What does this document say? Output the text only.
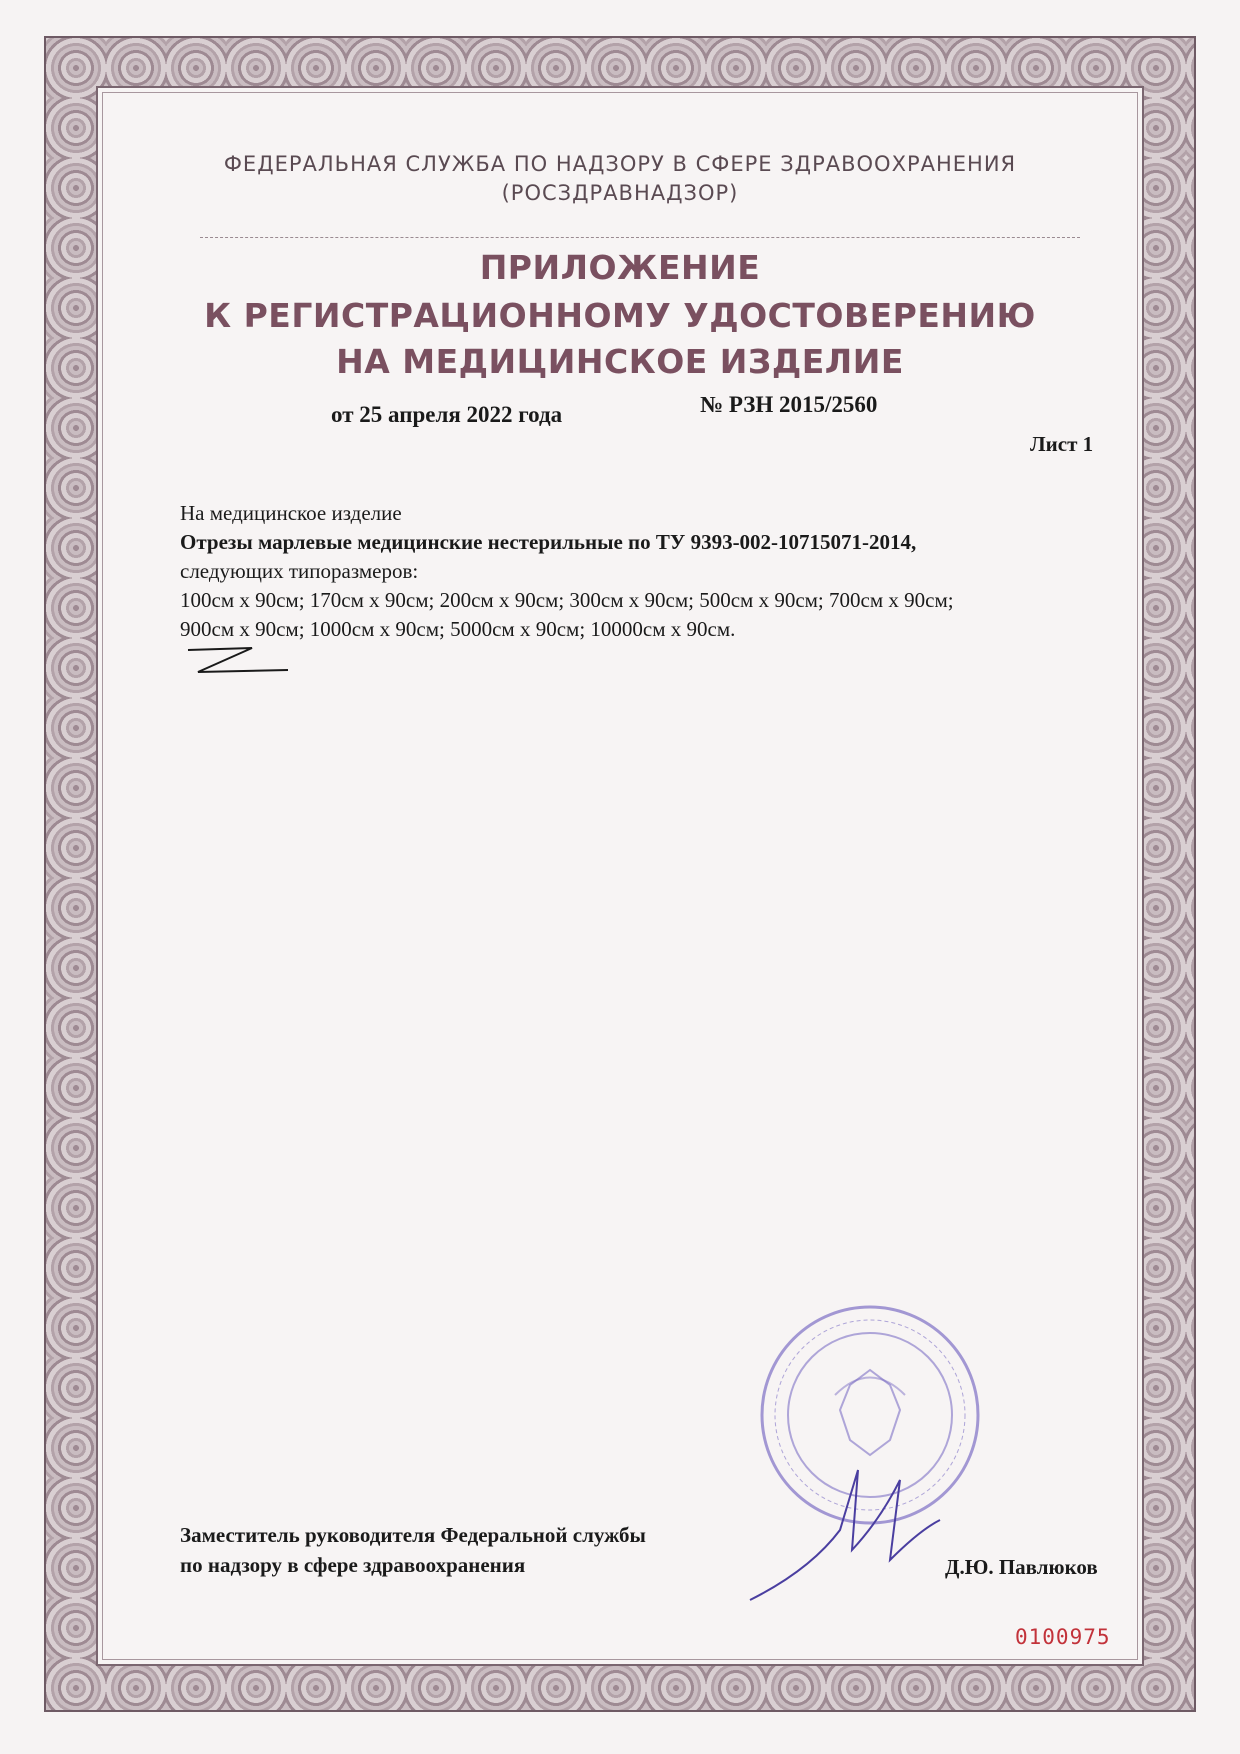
ФЕДЕРАЛЬНАЯ СЛУЖБА ПО НАДЗОРУ В СФЕРЕ ЗДРАВООХРАНЕНИЯ
(РОСЗДРАВНАДЗОР)
ПРИЛОЖЕНИЕ
К РЕГИСТРАЦИОННОМУ УДОСТОВЕРЕНИЮ
НА МЕДИЦИНСКОЕ ИЗДЕЛИЕ
от 25 апреля 2022 года	№ РЗН 2015/2560
Лист 1
На медицинское изделие
Отрезы марлевые медицинские нестерильные по ТУ 9393-002-10715071-2014,
следующих типоразмеров:
100см х 90см; 170см х 90см; 200см х 90см; 300см х 90см; 500см х 90см; 700см х 90см;
900см х 90см; 1000см х 90см; 5000см х 90см; 10000см х 90см.
Заместитель руководителя Федеральной службы
по надзору в сфере здравоохранения	Д.Ю. Павлюков
0100975
